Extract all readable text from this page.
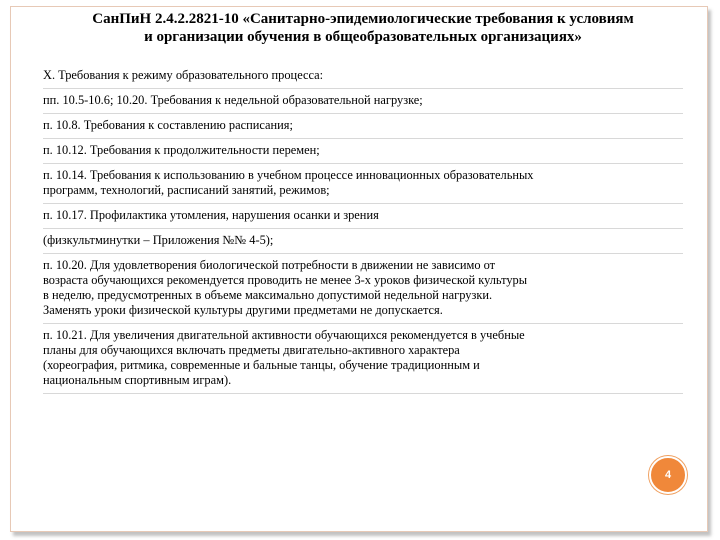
СанПиН 2.4.2.2821-10 «Санитарно-эпидемиологические требования к условиям
и организации обучения в общеобразовательных организациях»
Х. Требования к режиму образовательного процесса:
пп. 10.5-10.6; 10.20. Требования к недельной образовательной нагрузке;
п. 10.8. Требования к составлению расписания;
п. 10.12. Требования к продолжительности перемен;
п. 10.14. Требования к использованию в учебном процессе инновационных образовательных
программ, технологий, расписаний занятий, режимов;
п. 10.17. Профилактика утомления, нарушения осанки и зрения
(физкультминутки – Приложения №№ 4-5);
п. 10.20. Для удовлетворения биологической потребности в движении не зависимо от
возраста обучающихся рекомендуется проводить не менее 3-х уроков физической культуры
в неделю, предусмотренных в объеме максимально допустимой недельной нагрузки.
Заменять уроки физической культуры другими предметами не допускается.
п. 10.21. Для увеличения двигательной активности обучающихся рекомендуется в учебные
планы для обучающихся включать предметы двигательно-активного характера
(хореография, ритмика, современные и бальные танцы, обучение традиционным и
национальным спортивным играм).
4
